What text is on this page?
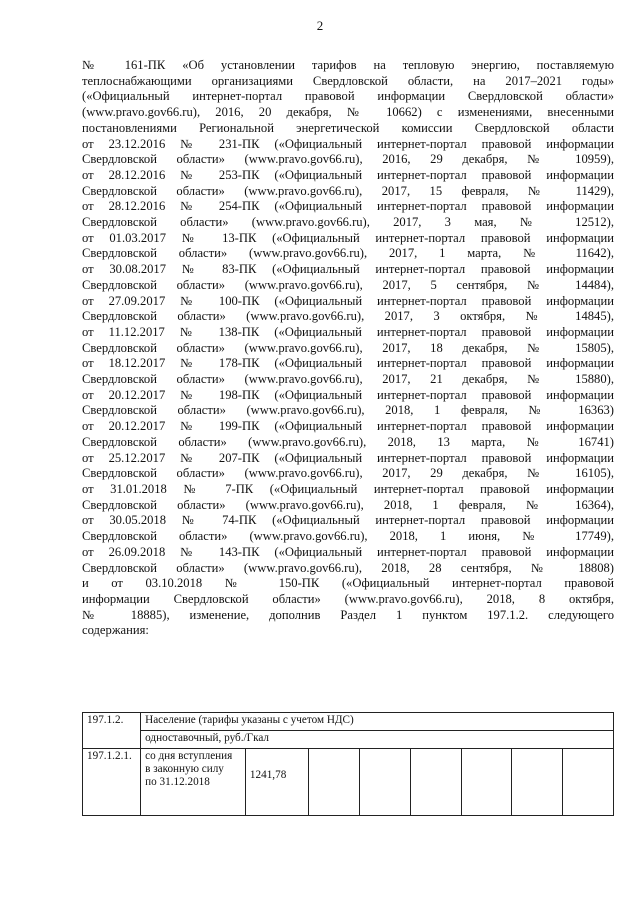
2
№ 161-ПК «Об установлении тарифов на тепловую энергию, поставляемую
теплоснабжающими организациями Свердловской области, на 2017–2021 годы»
(«Официальный интернет-портал правовой информации Свердловской области»
(www.pravo.gov66.ru), 2016, 20 декабря, № 10662) с изменениями, внесенными
постановлениями Региональной энергетической комиссии Свердловской области
от 23.12.2016 № 231-ПК («Официальный интернет-портал правовой информации
Свердловской области» (www.pravo.gov66.ru), 2016, 29 декабря, № 10959),
от 28.12.2016 № 253-ПК («Официальный интернет-портал правовой информации
Свердловской области» (www.pravo.gov66.ru), 2017, 15 февраля, № 11429),
от 28.12.2016 № 254-ПК («Официальный интернет-портал правовой информации
Свердловской области» (www.pravo.gov66.ru), 2017, 3 мая, № 12512),
от 01.03.2017 № 13-ПК («Официальный интернет-портал правовой информации
Свердловской области» (www.pravo.gov66.ru), 2017, 1 марта, № 11642),
от 30.08.2017 № 83-ПК («Официальный интернет-портал правовой информации
Свердловской области» (www.pravo.gov66.ru), 2017, 5 сентября, № 14484),
от 27.09.2017 № 100-ПК («Официальный интернет-портал правовой информации
Свердловской области» (www.pravo.gov66.ru), 2017, 3 октября, № 14845),
от 11.12.2017 № 138-ПК («Официальный интернет-портал правовой информации
Свердловской области» (www.pravo.gov66.ru), 2017, 18 декабря, № 15805),
от 18.12.2017 № 178-ПК («Официальный интернет-портал правовой информации
Свердловской области» (www.pravo.gov66.ru), 2017, 21 декабря, № 15880),
от 20.12.2017 № 198-ПК («Официальный интернет-портал правовой информации
Свердловской области» (www.pravo.gov66.ru), 2018, 1 февраля, № 16363)
от 20.12.2017 № 199-ПК («Официальный интернет-портал правовой информации
Свердловской области» (www.pravo.gov66.ru), 2018, 13 марта, № 16741)
от 25.12.2017 № 207-ПК («Официальный интернет-портал правовой информации
Свердловской области» (www.pravo.gov66.ru), 2017, 29 декабря, № 16105),
от 31.01.2018 № 7-ПК («Официальный интернет-портал правовой информации
Свердловской области» (www.pravo.gov66.ru), 2018, 1 февраля, № 16364),
от 30.05.2018 № 74-ПК («Официальный интернет-портал правовой информации
Свердловской области» (www.pravo.gov66.ru), 2018, 1 июня, № 17749),
от 26.09.2018 № 143-ПК («Официальный интернет-портал правовой информации
Свердловской области» (www.pravo.gov66.ru), 2018, 28 сентября, № 18808)
и от 03.10.2018 № 150-ПК («Официальный интернет-портал правовой
информации Свердловской области» (www.pravo.gov66.ru), 2018, 8 октября,
№ 18885), изменение, дополнив Раздел 1 пунктом 197.1.2. следующего
содержания:
197.1.2.	Население (тарифы указаны с учетом НДС)							
	одноставочный, руб./Гкал							
197.1.2.1.	со дня вступления
в законную силу
по 31.12.2018	1241,78						
